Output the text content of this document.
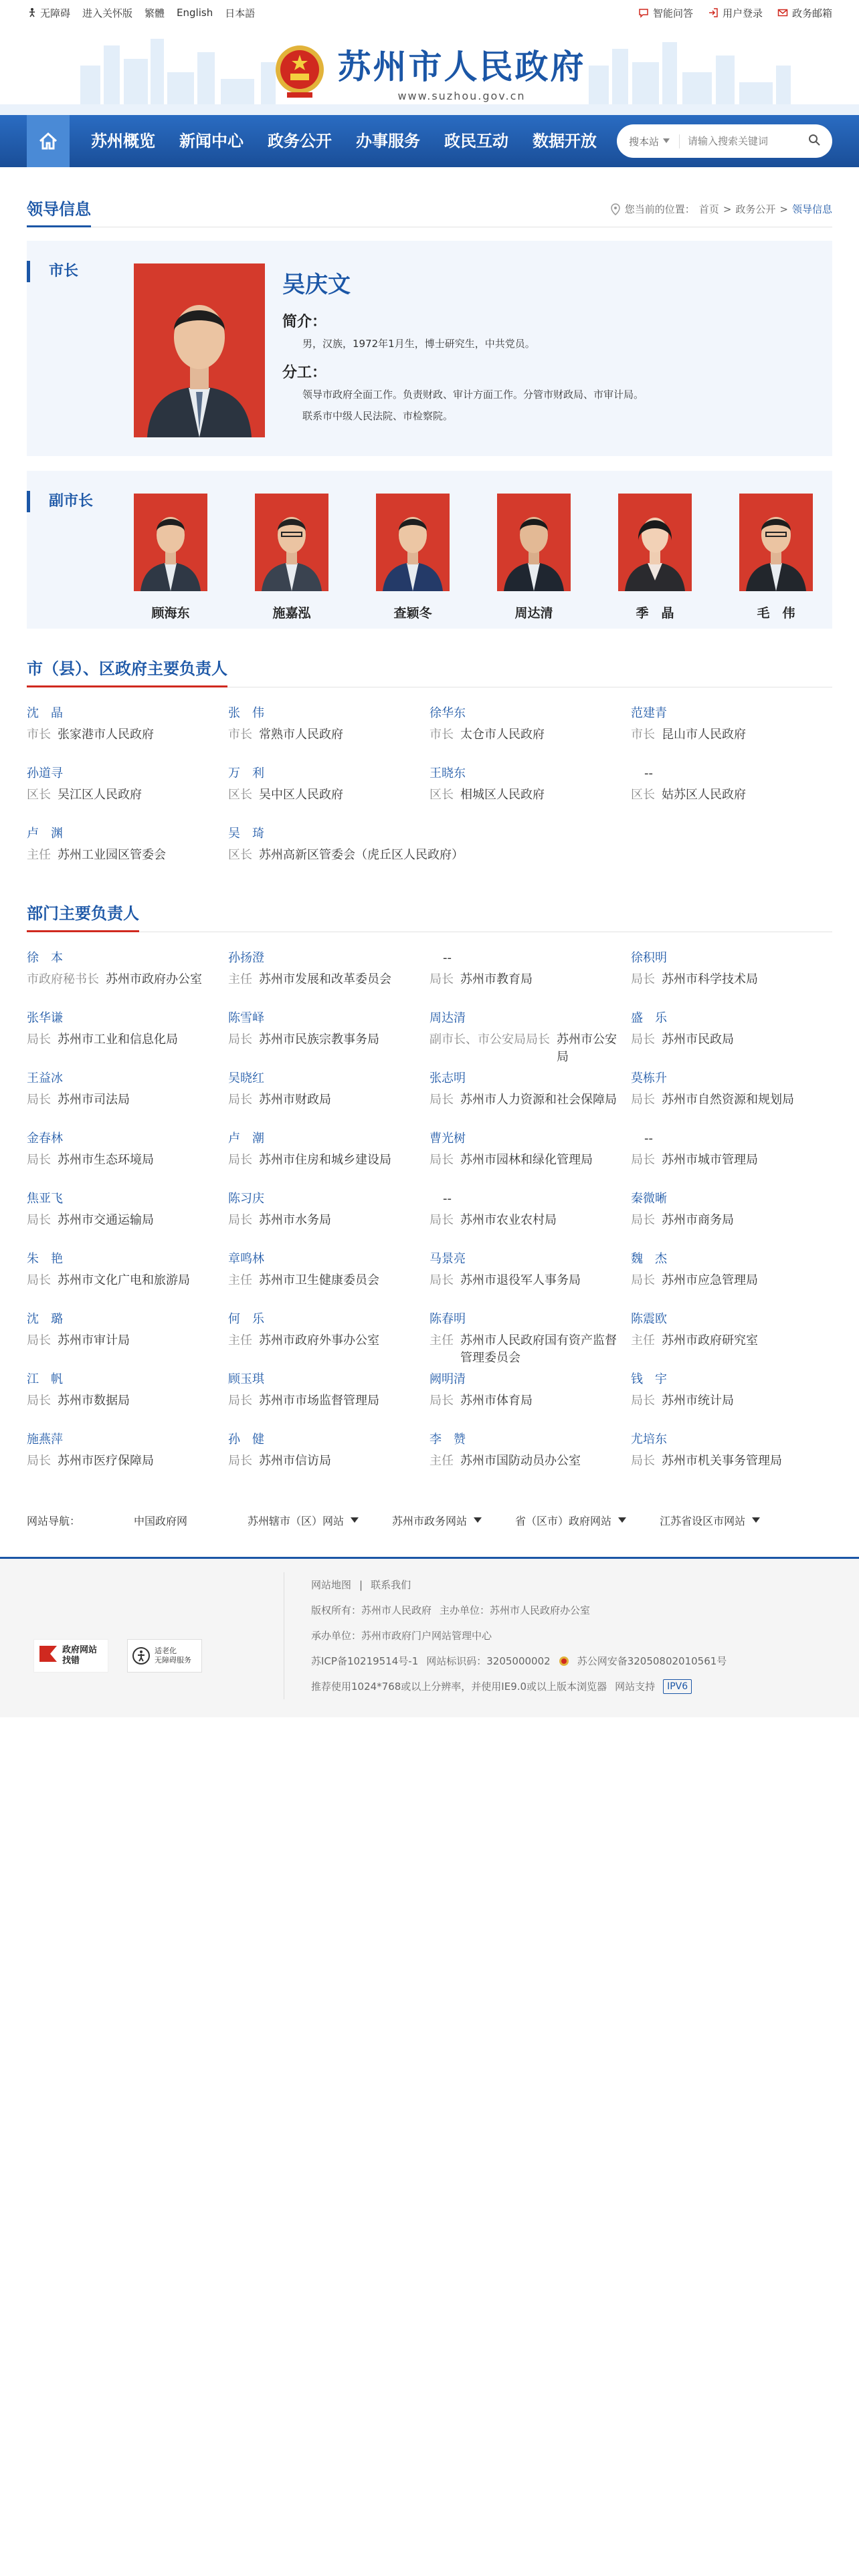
无障碍 进入关怀版 繁體 English 日本語	智能问答	用户登录	政务邮箱
苏州市人民政府
www.suzhou.gov.cn
苏州概览	新闻中心	政务公开	办事服务	政民互动	数据开放	搜本站
请输入搜索关键词
领导信息	您当前的位置： 首页 > 政务公开 > 领导信息
市长
吴庆文
简介：
男，汉族，1972年1月生，博士研究生，中共党员。
分工：
领导市政府全面工作。负责财政、审计方面工作。分管市财政局、市审计局。
联系市中级人民法院、市检察院。
副市长
顾海东	施嘉泓	查颖冬	周达清	季　晶	毛　伟
市（县）、区政府主要负责人
沈　晶
市长 张家港市人民政府
张　伟
市长 常熟市人民政府
徐华东
市长 太仓市人民政府
范建青
市长 昆山市人民政府
孙道寻
区长 吴江区人民政府
万　利
区长 吴中区人民政府
王晓东
区长 相城区人民政府
--
区长 姑苏区人民政府
卢　渊
主任 苏州工业园区管委会
吴　琦
区长 苏州高新区管委会（虎丘区人民政府）
部门主要负责人
徐　本
市政府秘书长 苏州市政府办公室
孙扬澄
主任 苏州市发展和改革委员会
--
局长 苏州市教育局
徐积明
局长 苏州市科学技术局
张华谦
局长 苏州市工业和信息化局
陈雪峄
局长 苏州市民族宗教事务局
周达清
副市长、市公安局局长 苏州市公安局
盛　乐
局长 苏州市民政局
王益冰
局长 苏州市司法局
吴晓红
局长 苏州市财政局
张志明
局长 苏州市人力资源和社会保障局
莫栋升
局长 苏州市自然资源和规划局
金春林
局长 苏州市生态环境局
卢　潮
局长 苏州市住房和城乡建设局
曹光树
局长 苏州市园林和绿化管理局
--
局长 苏州市城市管理局
焦亚飞
局长 苏州市交通运输局
陈习庆
局长 苏州市水务局
--
局长 苏州市农业农村局
秦微晰
局长 苏州市商务局
朱　艳
局长 苏州市文化广电和旅游局
章鸣林
主任 苏州市卫生健康委员会
马景亮
局长 苏州市退役军人事务局
魏　杰
局长 苏州市应急管理局
沈　璐
局长 苏州市审计局
何　乐
主任 苏州市政府外事办公室
陈春明
主任 苏州市人民政府国有资产监督管理委员会
陈震欧
主任 苏州市政府研究室
江　帆
局长 苏州市数据局
顾玉琪
局长 苏州市市场监督管理局
阙明清
局长 苏州市体育局
钱　宇
局长 苏州市统计局
施燕萍
局长 苏州市医疗保障局
孙　健
局长 苏州市信访局
李　赞
主任 苏州市国防动员办公室
尤培东
局长 苏州市机关事务管理局
网站导航：	中国政府网	苏州辖市（区）网站	苏州市政务网站	省（区市）政府网站	江苏省设区市网站
政府网站找错
适老化
无障碍服务
网站地图 | 联系我们
版权所有：苏州市人民政府 主办单位：苏州市人民政府办公室
承办单位：苏州市政府门户网站管理中心
苏ICP备10219514号-1 网站标识码：3205000002	苏公网安备32050802010561号
推荐使用1024*768或以上分辨率，并使用IE9.0或以上版本浏览器 网站支持	IPV6
